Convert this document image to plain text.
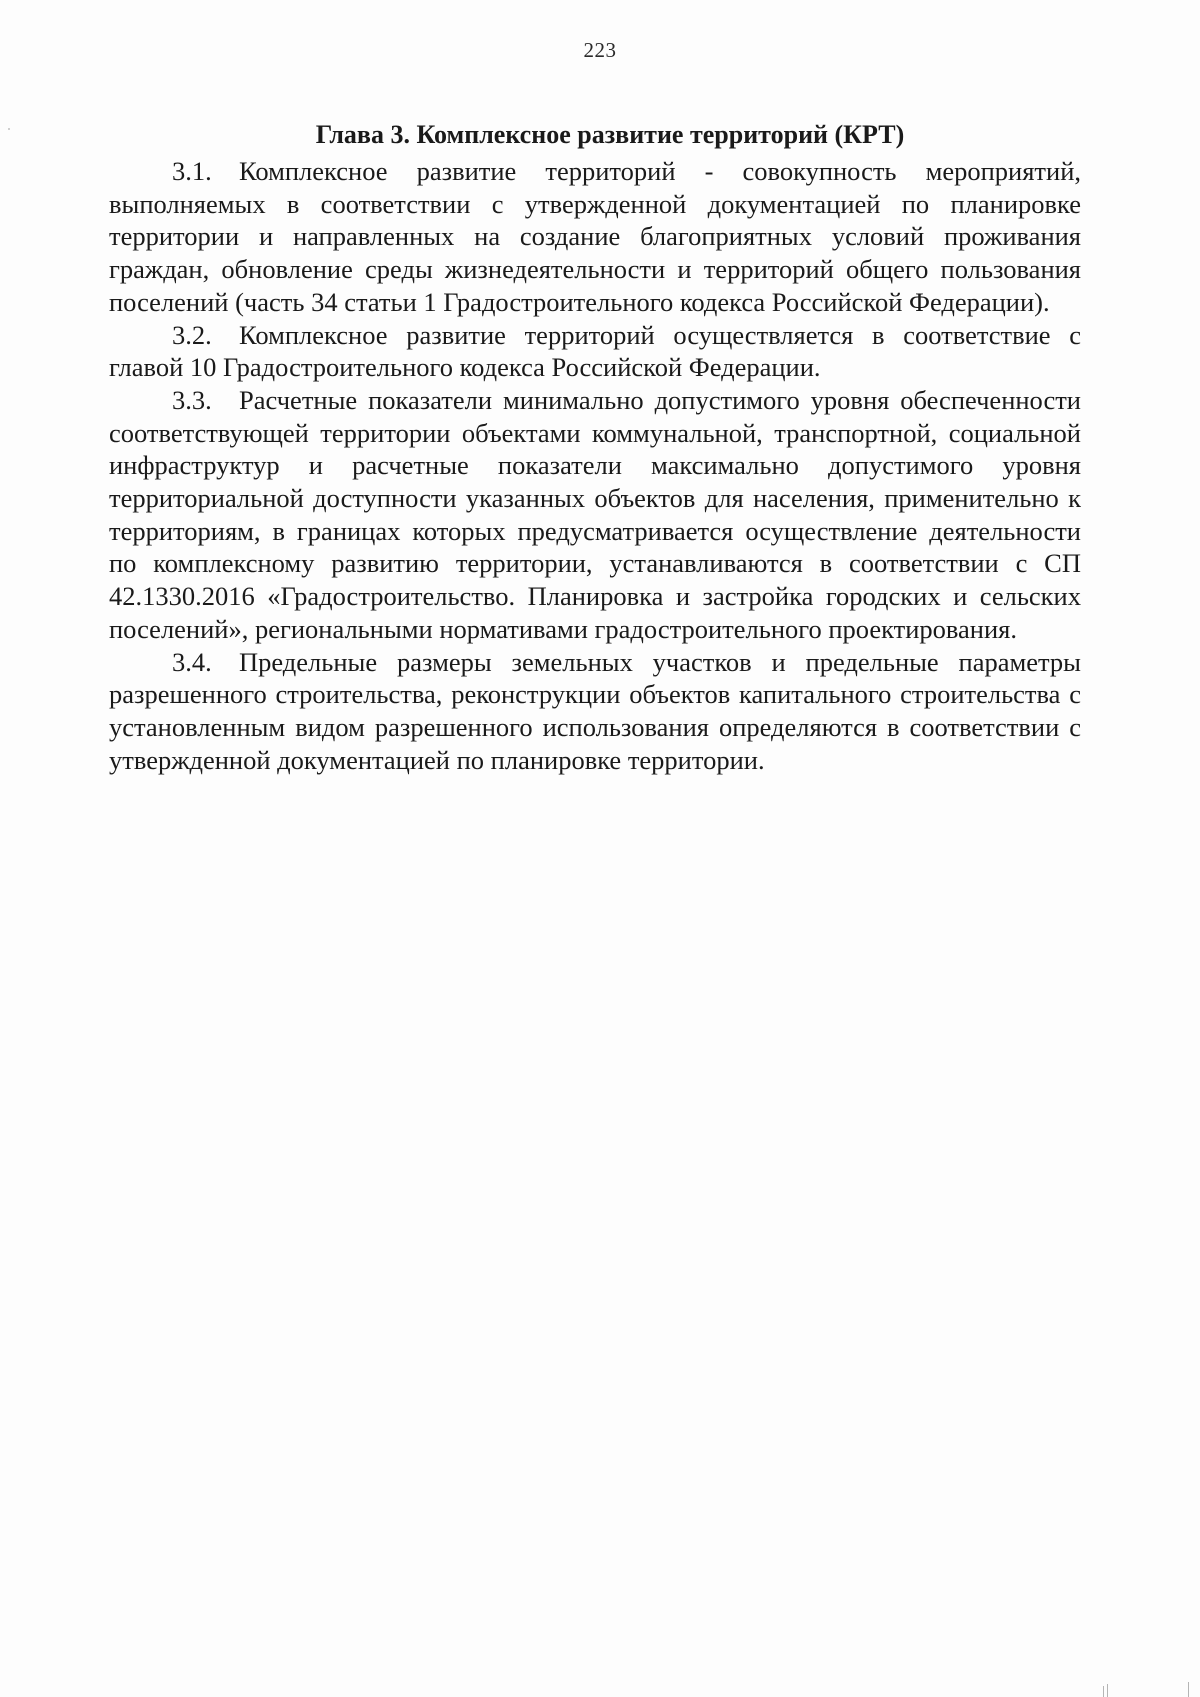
223
Глава 3. Комплексное развитие территорий (КРТ)

3.1. Комплексное развитие территорий - совокупность мероприятий, выполняемых в соответствии с утвержденной документацией по планировке территории и направленных на создание благоприятных условий проживания граждан, обновление среды жизнедеятельности и территорий общего пользования поселений (часть 34 статьи 1 Градостроительного кодекса Российской Федерации).

3.2. Комплексное развитие территорий осуществляется в соответствие с главой 10 Градостроительного кодекса Российской Федерации.

3.3. Расчетные показатели минимально допустимого уровня обеспеченности соответствующей территории объектами коммунальной, транспортной, социальной инфраструктур и расчетные показатели максимально допустимого уровня территориальной доступности указанных объектов для населения, применительно к территориям, в границах которых предусматривается осуществление деятельности по комплексному развитию территории, устанавливаются в соответствии с СП 42.1330.2016 «Градостроительство. Планировка и застройка городских и сельских поселений», региональными нормативами градостроительного проектирования.

3.4. Предельные размеры земельных участков и предельные параметры разрешенного строительства, реконструкции объектов капитального строительства с установленным видом разрешенного использования определяются в соответствии с утвержденной документацией по планировке территории.
